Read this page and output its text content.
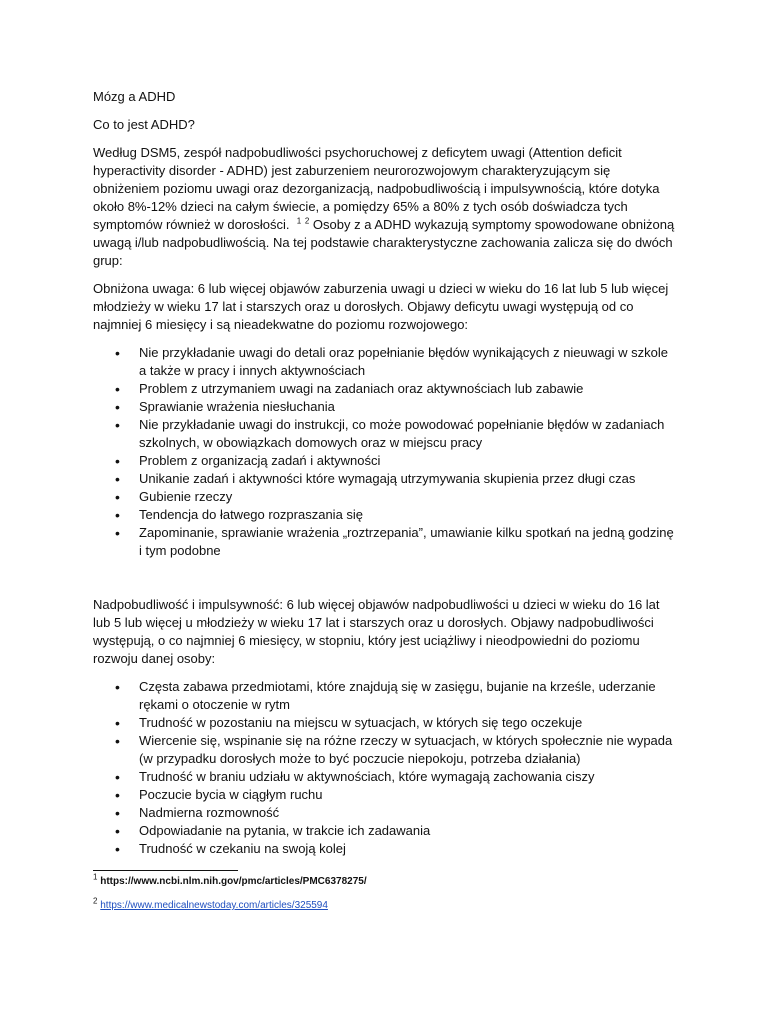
Mózg a ADHD

Co to jest ADHD?

Według DSM5, zespół nadpobudliwości psychoruchowej z deficytem uwagi (Attention deficit hyperactivity disorder - ADHD) jest zaburzeniem neurorozwojowym charakteryzującym się obniżeniem poziomu uwagi oraz dezorganizacją, nadpobudliwością i impulsywnością, które dotyka około 8%-12% dzieci na całym świecie, a pomiędzy 65% a 80% z tych osób doświadcza tych symptomów również w dorosłości. $^1$ $^2$ Osoby z a ADHD wykazują symptomy spowodowane obniżoną uwagą i/lub nadpobudliwością. Na tej podstawie charakterystyczne zachowania zalicza się do dwóch grup:

Obniżona uwaga: 6 lub więcej objawów zaburzenia uwagi u dzieci w wieku do 16 lat lub 5 lub więcej młodzieży w wieku 17 lat i starszych oraz u dorosłych. Objawy deficytu uwagi występują od co najmniej 6 miesięcy i są nieadekwatne do poziomu rozwojowego:

• Nie przykładanie uwagi do detali oraz popełnianie błędów wynikających z nieuwagi w szkole a także w pracy i innych aktywnościach
• Problem z utrzymaniem uwagi na zadaniach oraz aktywnościach lub zabawie
• Sprawianie wrażenia niesłuchania
• Nie przykładanie uwagi do instrukcji, co może powodować popełnianie błędów w zadaniach szkolnych, w obowiązkach domowych oraz w miejscu pracy
• Problem z organizacją zadań i aktywności
• Unikanie zadań i aktywności które wymagają utrzymywania skupienia przez długi czas
• Gubienie rzeczy
• Tendencja do łatwego rozpraszania się
• Zapominanie, sprawianie wrażenia „roztrzepania”, umawianie kilku spotkań na jedną godzinę i tym podobne

Nadpobudliwość i impulsywność: 6 lub więcej objawów nadpobudliwości u dzieci w wieku do 16 lat lub 5 lub więcej u młodzieży w wieku 17 lat i starszych oraz u dorosłych. Objawy nadpobudliwości występują, o co najmniej 6 miesięcy, w stopniu, który jest uciążliwy i nieodpowiedni do poziomu rozwoju danej osoby:

• Częsta zabawa przedmiotami, które znajdują się w zasięgu, bujanie na krześle, uderzanie rękami o otoczenie w rytm
• Trudność w pozostaniu na miejscu w sytuacjach, w których się tego oczekuje
• Wiercenie się, wspinanie się na różne rzeczy w sytuacjach, w których społecznie nie wypada (w przypadku dorosłych może to być poczucie niepokoju, potrzeba działania)
• Trudność w braniu udziału w aktywnościach, które wymagają zachowania ciszy
• Poczucie bycia w ciągłym ruchu
• Nadmierna rozmowność
• Odpowiadanie na pytania, w trakcie ich zadawania
• Trudność w czekaniu na swoją kolej

$^1$ https://www.ncbi.nlm.nih.gov/pmc/articles/PMC6378275/

$^2$ https://www.medicalnewstoday.com/articles/325594
